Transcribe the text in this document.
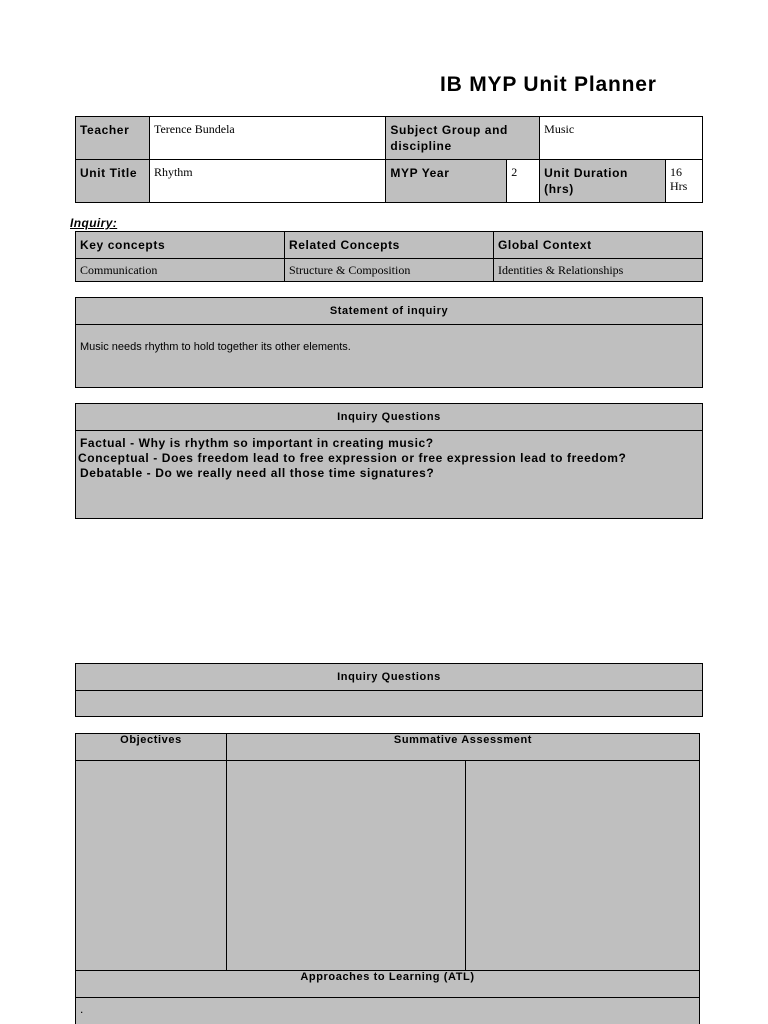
IB MYP Unit Planner
Teacher	Terence Bundela	Subject Group and discipline		Music	
Unit Title	Rhythm	MYP Year	2	Unit Duration (hrs)	16 Hrs
Inquiry:
Key concepts	Related Concepts	Global Context
Communication	Structure & Composition	Identities & Relationships
Statement of inquiry
Music needs rhythm to hold together its other elements.
Inquiry Questions
Factual - Why is rhythm so important in creating music?
Conceptual - Does freedom lead to free expression or free expression lead to freedom?
Debatable - Do we really need all those time signatures?
Inquiry Questions
Objectives	Summative Assessment	

Approaches to Learning (ATL)		
.		
